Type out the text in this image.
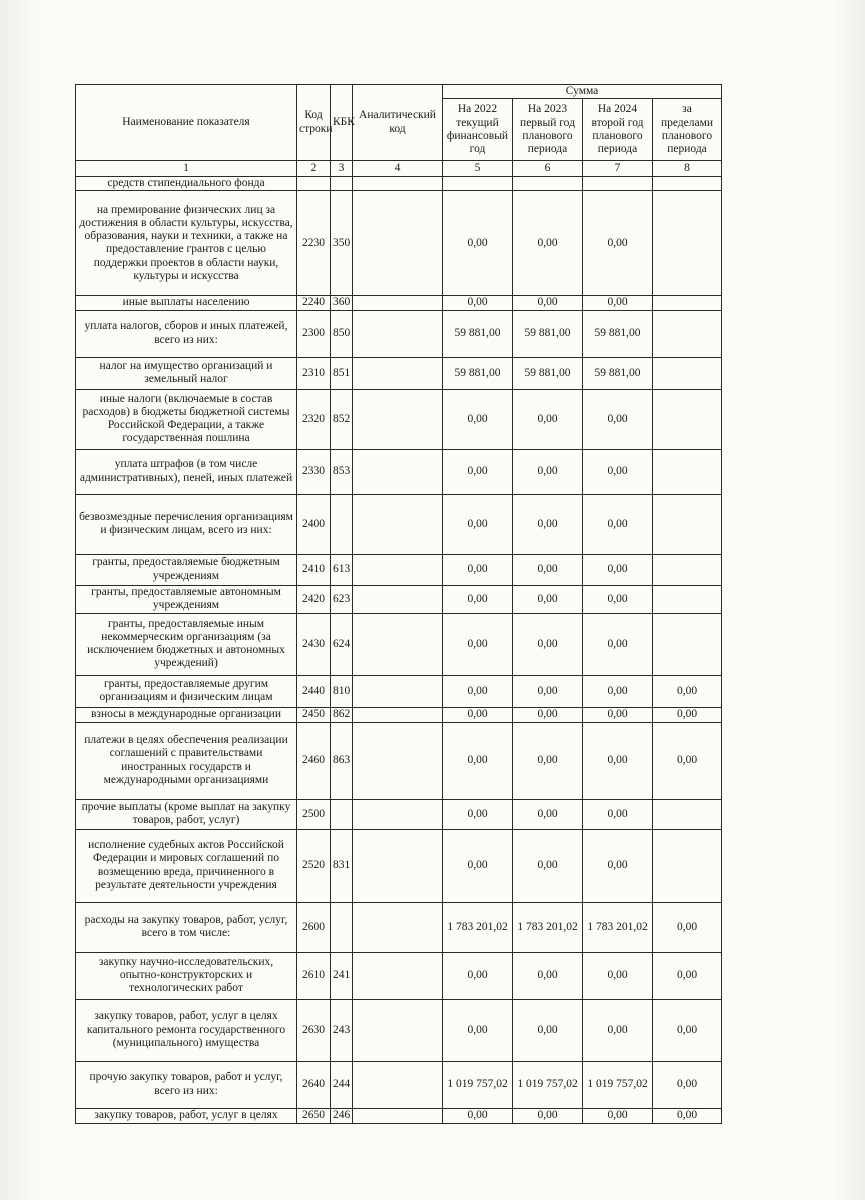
Наименование показателя	Код строки	КБК	Аналитический код	Сумма			
				На 2022 текущий финансовый год	На 2023 первый год планового периода	На 2024 второй год планового периода	за пределами планового периода
1	2	3	4	5	6	7	8
средств стипендиального фонда							
на премирование физических лиц за достижения в области культуры, искусства, образования, науки и техники, а также на предоставление грантов с целью поддержки проектов в области науки, культуры и искусства	2230	350		0,00	0,00	0,00	
иные выплаты населению	2240	360		0,00	0,00	0,00	
уплата налогов, сборов и иных платежей, всего из них:	2300	850		59 881,00	59 881,00	59 881,00	
налог на имущество организаций и земельный налог	2310	851		59 881,00	59 881,00	59 881,00	
иные налоги (включаемые в состав расходов) в бюджеты бюджетной системы Российской Федерации, а также государственная пошлина	2320	852		0,00	0,00	0,00	
уплата штрафов (в том числе административных), пеней, иных платежей	2330	853		0,00	0,00	0,00	
безвозмездные перечисления организациям и физическим лицам, всего из них:	2400			0,00	0,00	0,00	
гранты, предоставляемые бюджетным учреждениям	2410	613		0,00	0,00	0,00	
гранты, предоставляемые автономным учреждениям	2420	623		0,00	0,00	0,00	
гранты, предоставляемые иным некоммерческим организациям (за исключением бюджетных и автономных учреждений)	2430	624		0,00	0,00	0,00	
гранты, предоставляемые другим организациям и физическим лицам	2440	810		0,00	0,00	0,00	0,00
взносы в международные организации	2450	862		0,00	0,00	0,00	0,00
платежи в целях обеспечения реализации соглашений с правительствами иностранных государств и международными организациями	2460	863		0,00	0,00	0,00	0,00
прочие выплаты (кроме выплат на закупку товаров, работ, услуг)	2500			0,00	0,00	0,00	
исполнение судебных актов Российской Федерации и мировых соглашений по возмещению вреда, причиненного в результате деятельности учреждения	2520	831		0,00	0,00	0,00	
расходы на закупку товаров, работ, услуг, всего в том числе:	2600			1 783 201,02	1 783 201,02	1 783 201,02	0,00
закупку научно-исследовательских, опытно-конструкторских и технологических работ	2610	241		0,00	0,00	0,00	0,00
закупку товаров, работ, услуг в целях капитального ремонта государственного (муниципального) имущества	2630	243		0,00	0,00	0,00	0,00
прочую закупку товаров, работ и услуг, всего из них:	2640	244		1 019 757,02	1 019 757,02	1 019 757,02	0,00
закупку товаров, работ, услуг в целях	2650	246		0,00	0,00	0,00	0,00
